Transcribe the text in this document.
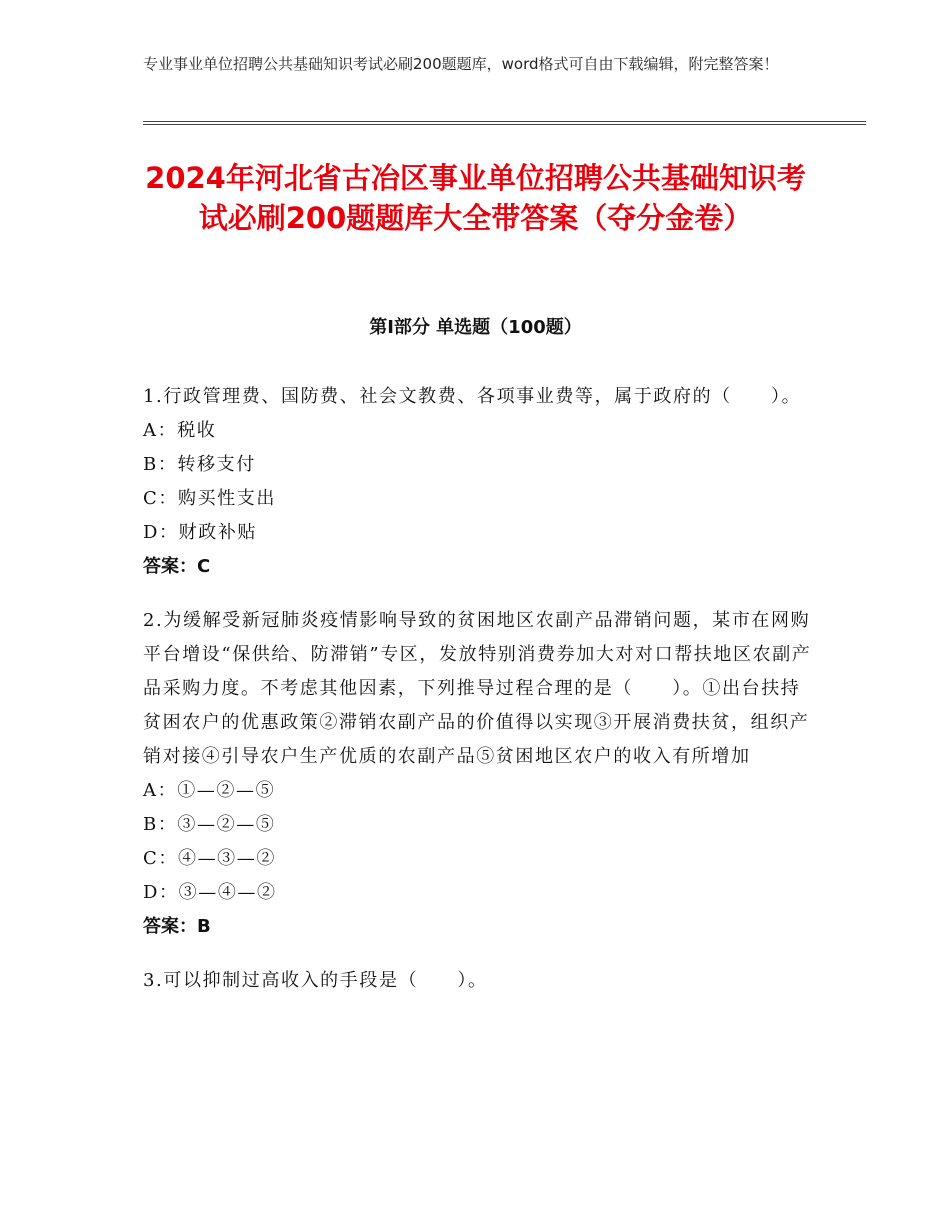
专业事业单位招聘公共基础知识考试必刷200题题库，word格式可自由下载编辑，附完整答案！
2024年河北省古冶区事业单位招聘公共基础知识考试必刷200题题库大全带答案（夺分金卷）
第Ⅰ部分 单选题（100题）

1.行政管理费、国防费、社会文教费、各项事业费等，属于政府的（　　）。

A：税收

B：转移支付

C：购买性支出

D：财政补贴

答案：C

2.为缓解受新冠肺炎疫情影响导致的贫困地区农副产品滞销问题，某市在网购平台增设“保供给、防滞销”专区，发放特别消费券加大对对口帮扶地区农副产品采购力度。不考虑其他因素，下列推导过程合理的是（　　）。①出台扶持贫困农户的优惠政策②滞销农副产品的价值得以实现③开展消费扶贫，组织产销对接④引导农户生产优质的农副产品⑤贫困地区农户的收入有所增加

A：①—②—⑤

B：③—②—⑤

C：④—③—②

D：③—④—②

答案：B

3.可以抑制过高收入的手段是（　　）。
